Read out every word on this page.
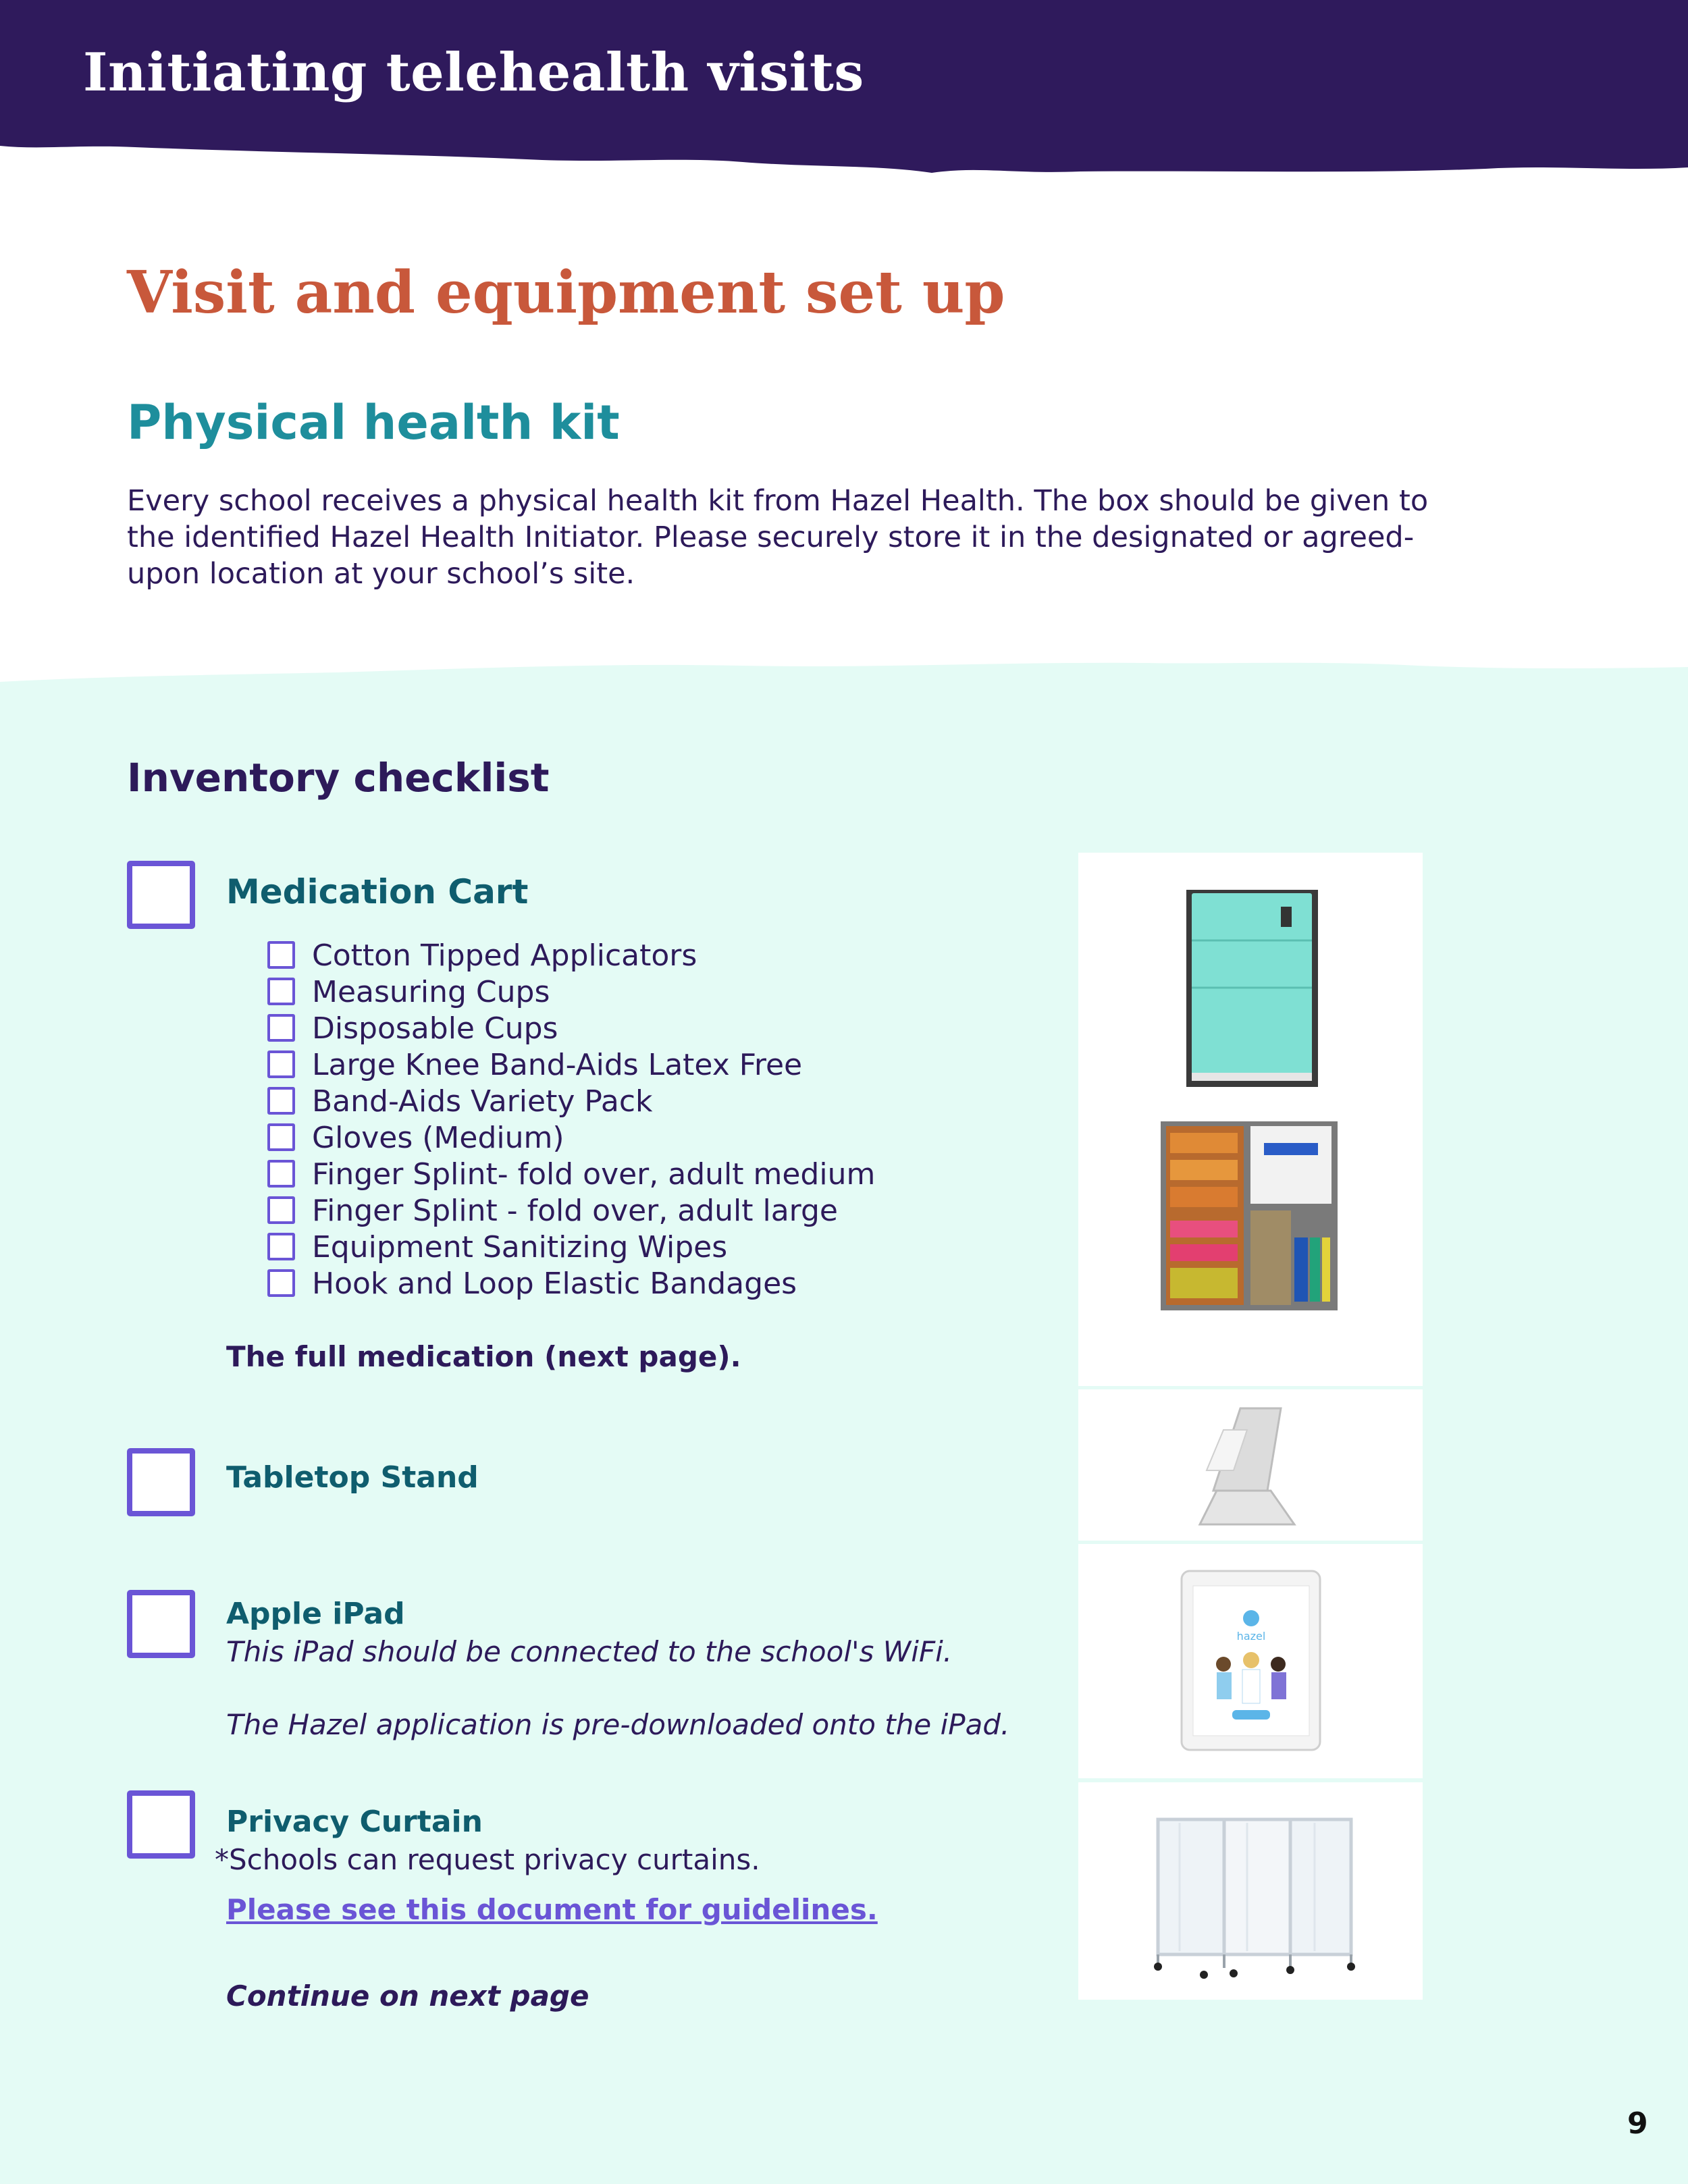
Initiating telehealth visits
Visit and equipment set up
Physical health kit

Every school receives a physical health kit from Hazel Health. The box should be given to the identified Hazel Health Initiator. Please securely store it in the designated or agreed-upon location at your school’s site.

Inventory checklist
Medication Cart
Cotton Tipped Applicators
Measuring Cups
Disposable Cups
Large Knee Band-Aids Latex Free
Band-Aids Variety Pack
Gloves (Medium)
Finger Splint- fold over, adult medium
Finger Splint - fold over, adult large
Equipment Sanitizing Wipes
Hook and Loop Elastic Bandages
The full medication (next page).
Tabletop Stand
Apple iPad
This iPad should be connected to the school's WiFi.
The Hazel application is pre-downloaded onto the iPad.
Privacy Curtain
*Schools can request privacy curtains.
Please see this document for guidelines.
Continue on next page
hazel
9
